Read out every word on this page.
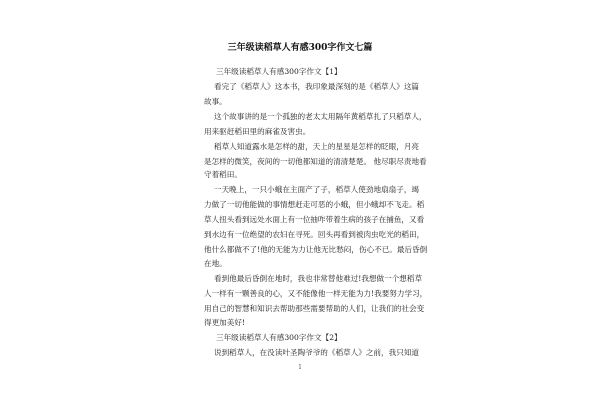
三年级读稻草人有感300字作文七篇
三年级读稻草人有感300字作文【1】
看完了《稻草人》这本书，我印象最深刻的是《稻草人》这篇
故事。
这个故事讲的是一个孤独的老太太用隔年黄稻草扎了只稻草人，
用来驱赶稻田里的麻雀及害虫。
稻草人知道露水是怎样的甜，天上的星星是怎样的眨眼，月亮
是怎样的微笑，夜间的一切他都知道的清清楚楚。 他尽职尽责地看
守着稻田。
一天晚上，一只小蛾在主面产了子，稻草人使劲地扇扇子，竭
力做了一切他能做的事情想赶走可恶的小蛾，但小蛾却不飞走。稻
草人扭头看到远处水面上有一位抽咋带着生病的孩子在捕鱼，又看
到水边有一位绝望的农妇在寻死。回头再看到被肉虫吃光的稻田，
他什么都做不了!他的无能为力让他无比愁闷，伤心不已。最后昏倒
在地。
看到他最后昏倒在地时，我也非常替他难过!我想做一个想稻草
人一样有一颗善良的心，又不能像他一样无能为力!我要努力学习，
用自己的智慧和知识去帮助那些需要帮助的人们，让我们的社会变
得更加美好!
三年级读稻草人有感300字作文【2】
说到稻草人，在没读叶圣陶爷爷的《稻草人》之前，我只知道
1
